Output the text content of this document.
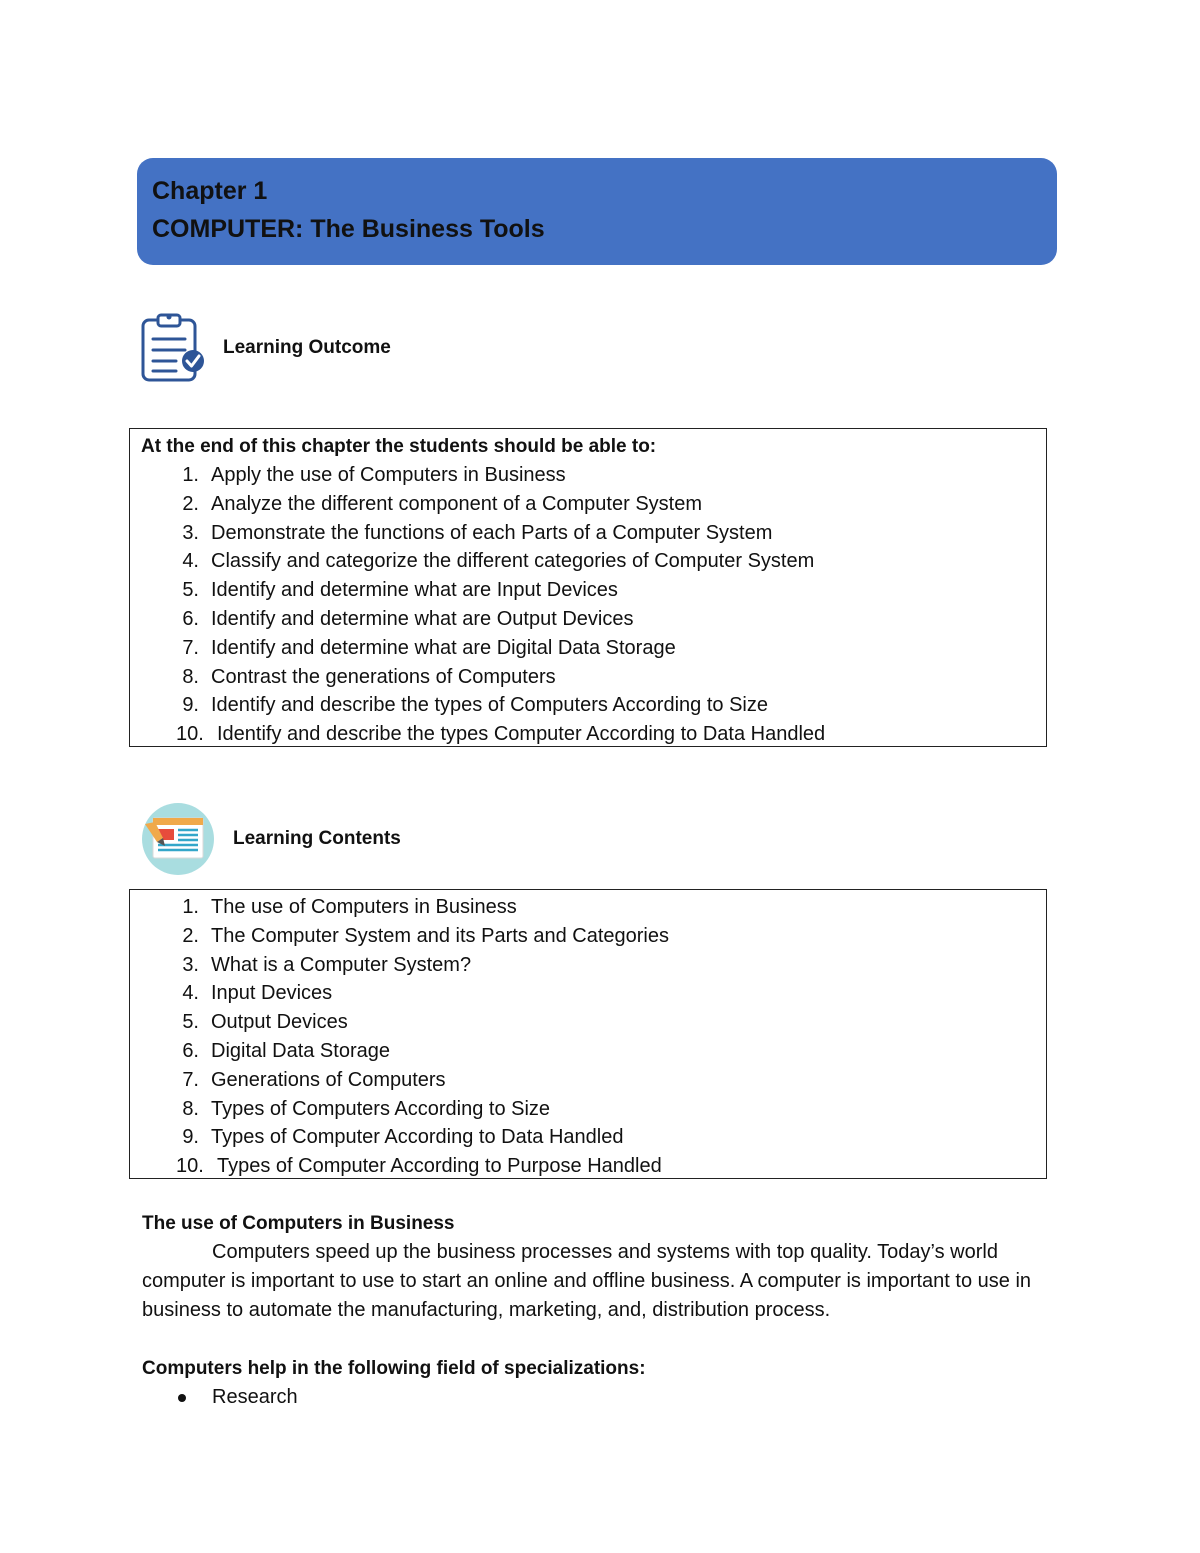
Chapter 1
COMPUTER: The Business Tools
Learning Outcome
At the end of this chapter the students should be able to:
1. Apply the use of Computers in Business
2. Analyze the different component of a Computer System
3. Demonstrate the functions of each Parts of a Computer System
4. Classify and categorize the different categories of Computer System
5. Identify and determine what are Input Devices
6. Identify and determine what are Output Devices
7. Identify and determine what are Digital Data Storage
8. Contrast the generations of Computers
9. Identify and describe the types of Computers According to Size
10. Identify and describe the types Computer According to Data Handled
Learning Contents
1. The use of Computers in Business
2. The Computer System and its Parts and Categories
3. What is a Computer System?
4. Input Devices
5. Output Devices
6. Digital Data Storage
7. Generations of Computers
8. Types of Computers According to Size
9. Types of Computer According to Data Handled
10. Types of Computer According to Purpose Handled
The use of Computers in Business
Computers speed up the business processes and systems with top quality. Today’s world computer is important to use to start an online and offline business. A computer is important to use in business to automate the manufacturing, marketing, and, distribution process.
Computers help in the following field of specializations:
Research
